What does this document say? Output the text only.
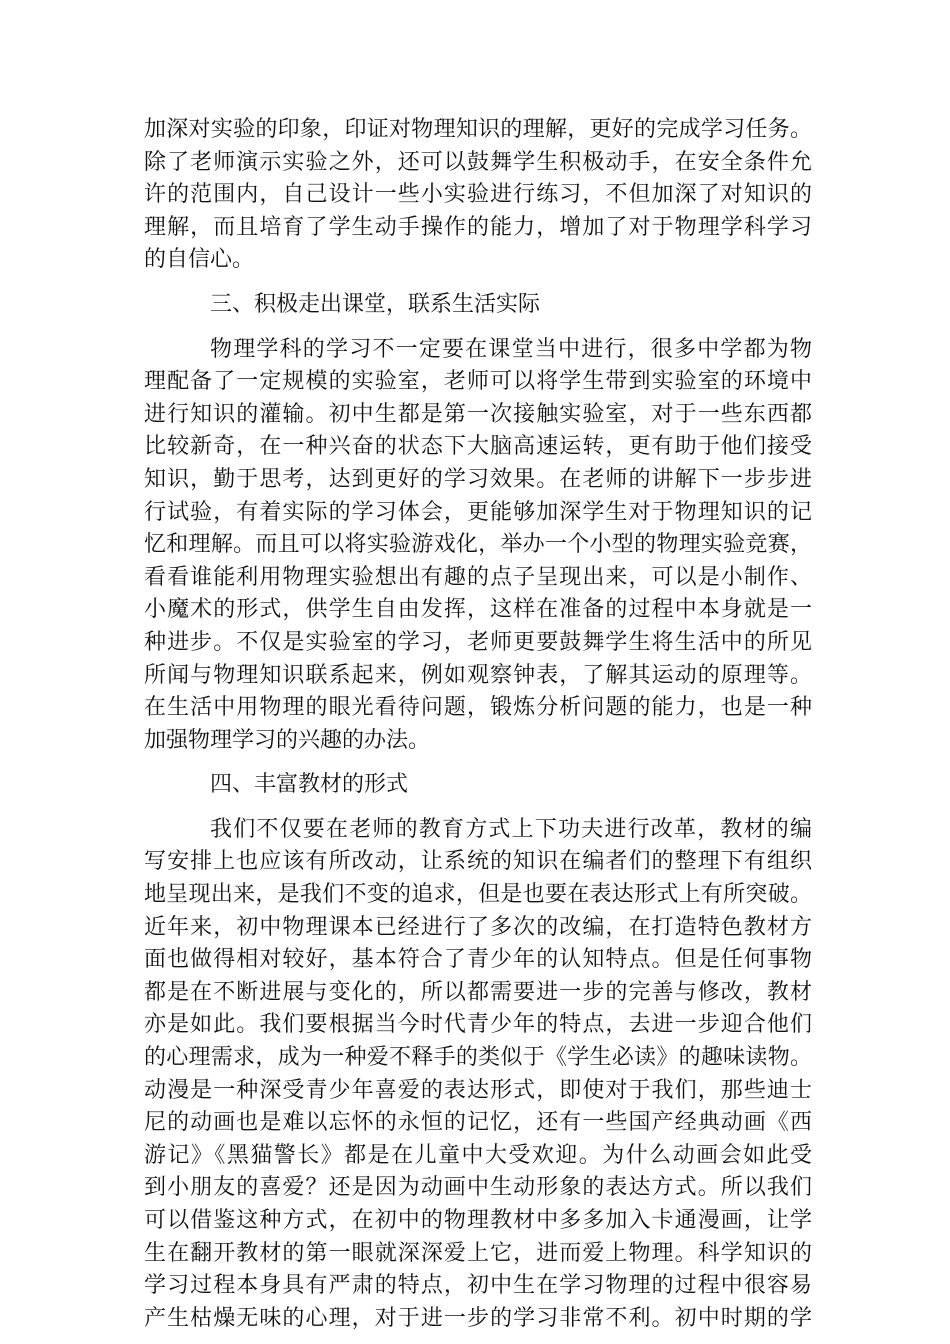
加深对实验的印象，印证对物理知识的理解，更好的完成学习任务。
除了老师演示实验之外，还可以鼓舞学生积极动手，在安全条件允
许的范围内，自己设计一些小实验进行练习，不但加深了对知识的
理解，而且培育了学生动手操作的能力，增加了对于物理学科学习
的自信心。
三、积极走出课堂，联系生活实际
物理学科的学习不一定要在课堂当中进行，很多中学都为物
理配备了一定规模的实验室，老师可以将学生带到实验室的环境中
进行知识的灌输。初中生都是第一次接触实验室，对于一些东西都
比较新奇，在一种兴奋的状态下大脑高速运转，更有助于他们接受
知识，勤于思考，达到更好的学习效果。在老师的讲解下一步步进
行试验，有着实际的学习体会，更能够加深学生对于物理知识的记
忆和理解。而且可以将实验游戏化，举办一个小型的物理实验竞赛，
看看谁能利用物理实验想出有趣的点子呈现出来，可以是小制作、
小魔术的形式，供学生自由发挥，这样在准备的过程中本身就是一
种进步。不仅是实验室的学习，老师更要鼓舞学生将生活中的所见
所闻与物理知识联系起来，例如观察钟表，了解其运动的原理等。
在生活中用物理的眼光看待问题，锻炼分析问题的能力，也是一种
加强物理学习的兴趣的办法。
四、丰富教材的形式
我们不仅要在老师的教育方式上下功夫进行改革，教材的编
写安排上也应该有所改动，让系统的知识在编者们的整理下有组织
地呈现出来，是我们不变的追求，但是也要在表达形式上有所突破。
近年来，初中物理课本已经进行了多次的改编，在打造特色教材方
面也做得相对较好，基本符合了青少年的认知特点。但是任何事物
都是在不断进展与变化的，所以都需要进一步的完善与修改，教材
亦是如此。我们要根据当今时代青少年的特点，去进一步迎合他们
的心理需求，成为一种爱不释手的类似于《学生必读》的趣味读物。
动漫是一种深受青少年喜爱的表达形式，即使对于我们，那些迪士
尼的动画也是难以忘怀的永恒的记忆，还有一些国产经典动画《西
游记》《黑猫警长》都是在儿童中大受欢迎。为什么动画会如此受
到小朋友的喜爱？还是因为动画中生动形象的表达方式。所以我们
可以借鉴这种方式，在初中的物理教材中多多加入卡通漫画，让学
生在翻开教材的第一眼就深深爱上它，进而爱上物理。科学知识的
学习过程本身具有严肃的特点，初中生在学习物理的过程中很容易
产生枯燥无味的心理，对于进一步的学习非常不利。初中时期的学
